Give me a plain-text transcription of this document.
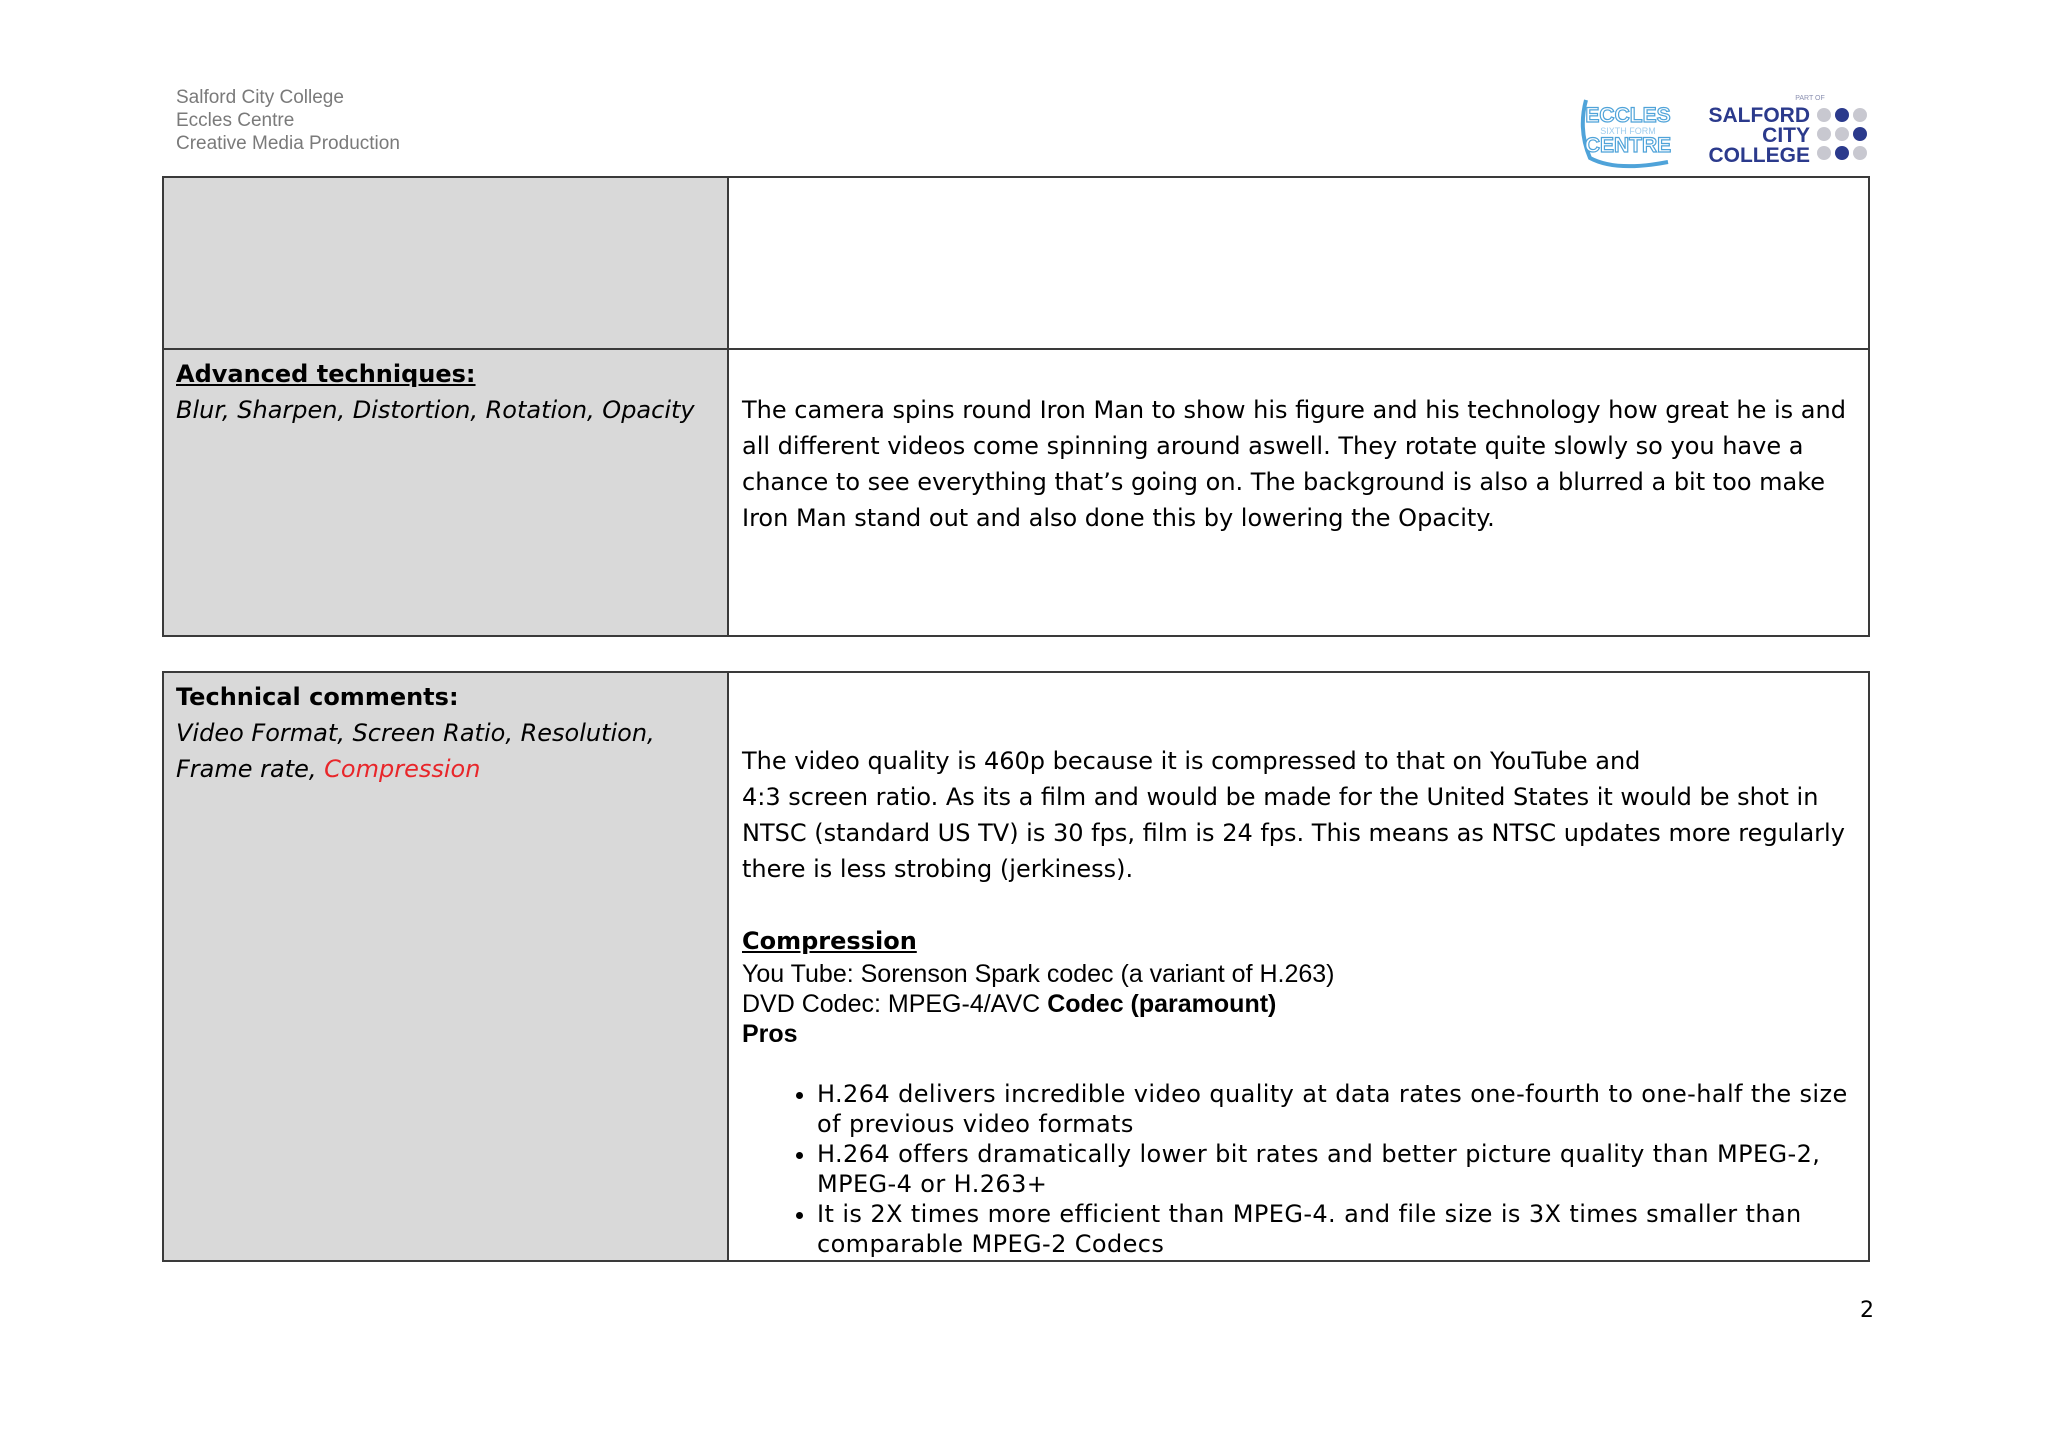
Salford City College
Eccles Centre
Creative Media Production
ECCLES
SIXTH FORM
CENTRE
PART OF
SALFORD
CITY
COLLEGE

Advanced techniques:
Blur, Sharpen, Distortion, Rotation, Opacity	The camera spins round Iron Man to show his figure and his technology how great he is and all different videos come spinning around aswell. They rotate quite slowly so you have a chance to see everything that’s going on. The background is also a blurred a bit too make Iron Man stand out and also done this by lowering the Opacity.
Technical comments:
Video Format, Screen Ratio, Resolution,
Frame rate, Compression	The video quality is 460p because it is compressed to that on YouTube and
4:3 screen ratio. As its a film and would be made for the United States it would be shot in NTSC (standard US TV) is 30 fps, film is 24 fps. This means as NTSC updates more regularly there is less strobing (jerkiness).
Compression
You Tube: Sorenson Spark codec (a variant of H.263)
DVD Codec: MPEG-4/AVC Codec (paramount)
Pros
• H.264 delivers incredible video quality at data rates one-fourth to one-half the size of previous video formats
• H.264 offers dramatically lower bit rates and better picture quality than MPEG-2, MPEG-4 or H.263+
• It is 2X times more efficient than MPEG-4. and file size is 3X times smaller than comparable MPEG-2 Codecs
2
